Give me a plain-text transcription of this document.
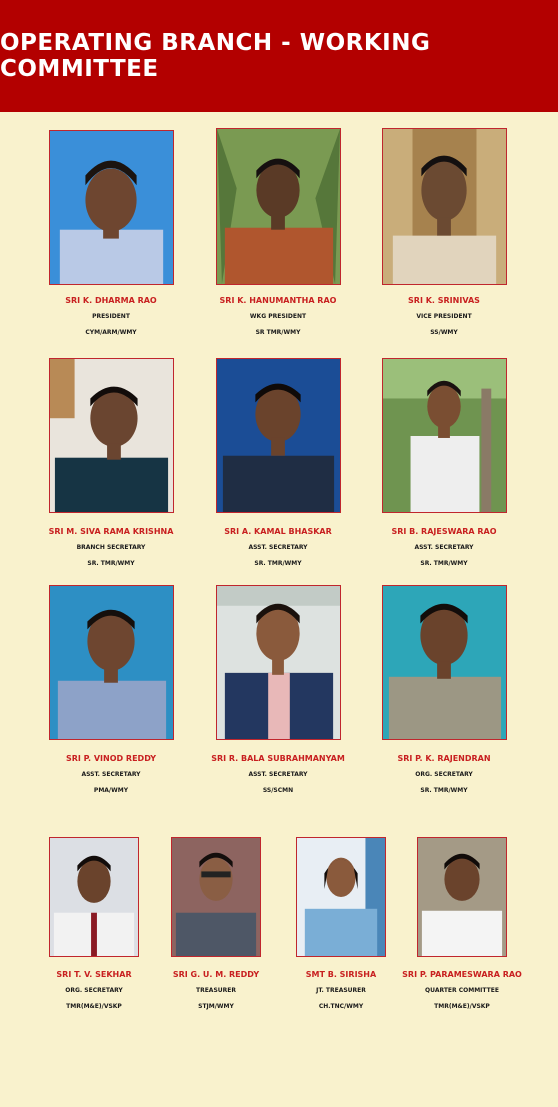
OPERATING BRANCH - WORKING COMMITTEE
SRI K. DHARMA RAO
PRESIDENT
CYM/ARM/WMY
SRI K. HANUMANTHA RAO
WKG PRESIDENT
SR TMR/WMY
SRI K. SRINIVAS
VICE PRESIDENT
SS/WMY
SRI M. SIVA RAMA KRISHNA
BRANCH SECRETARY
SR. TMR/WMY
SRI A. KAMAL BHASKAR
ASST. SECRETARY
SR. TMR/WMY
SRI B. RAJESWARA RAO
ASST. SECRETARY
SR. TMR/WMY
SRI P. VINOD REDDY
ASST. SECRETARY
PMA/WMY
SRI R. BALA SUBRAHMANYAM
ASST. SECRETARY
SS/SCMN
SRI P. K. RAJENDRAN
ORG. SECRETARY
SR. TMR/WMY
SRI T. V. SEKHAR
ORG. SECRETARY
TMR(M&E)/VSKP
SRI G. U. M. REDDY
TREASURER
STJM/WMY
SMT B. SIRISHA
JT. TREASURER
CH.TNC/WMY
SRI P. PARAMESWARA RAO
QUARTER COMMITTEE
TMR(M&E)/VSKP
